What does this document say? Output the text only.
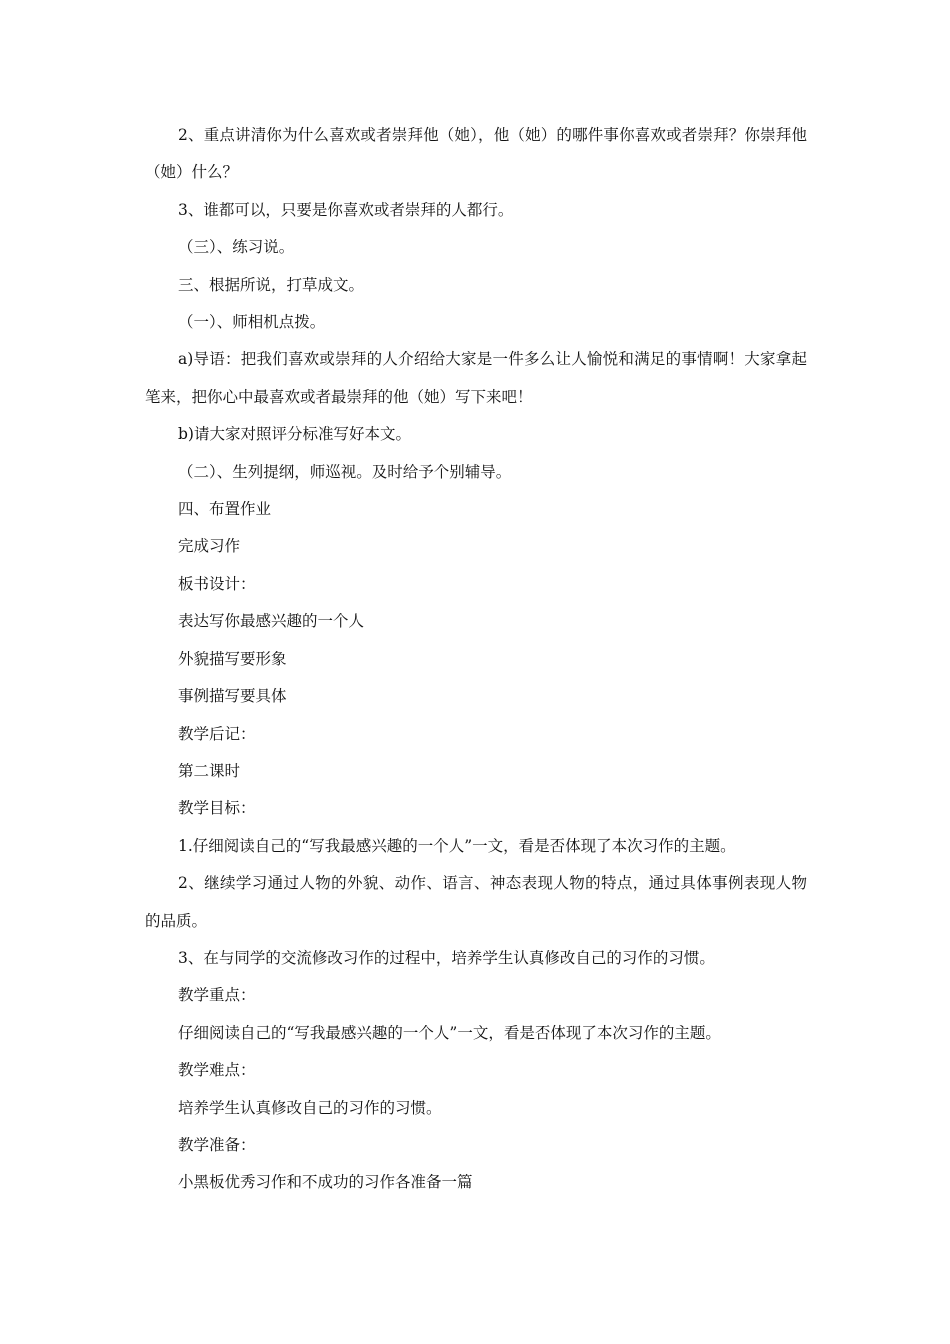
2、重点讲清你为什么喜欢或者崇拜他（她），他（她）的哪件事你喜欢或者崇拜？你崇拜他（她）什么？

3、谁都可以，只要是你喜欢或者崇拜的人都行。

（三）、练习说。

三、根据所说，打草成文。

（一）、师相机点拨。

a)导语：把我们喜欢或崇拜的人介绍给大家是一件多么让人愉悦和满足的事情啊！大家拿起笔来，把你心中最喜欢或者最崇拜的他（她）写下来吧！

b)请大家对照评分标准写好本文。

（二）、生列提纲，师巡视。及时给予个别辅导。

四、布置作业

完成习作

板书设计：

表达写你最感兴趣的一个人

外貌描写要形象

事例描写要具体

教学后记：

第二课时

教学目标：

1.仔细阅读自己的“写我最感兴趣的一个人”一文，看是否体现了本次习作的主题。

2、继续学习通过人物的外貌、动作、语言、神态表现人物的特点，通过具体事例表现人物的品质。

3、在与同学的交流修改习作的过程中，培养学生认真修改自己的习作的习惯。

教学重点：

仔细阅读自己的“写我最感兴趣的一个人”一文，看是否体现了本次习作的主题。

教学难点：

培养学生认真修改自己的习作的习惯。

教学准备：

小黑板优秀习作和不成功的习作各准备一篇
